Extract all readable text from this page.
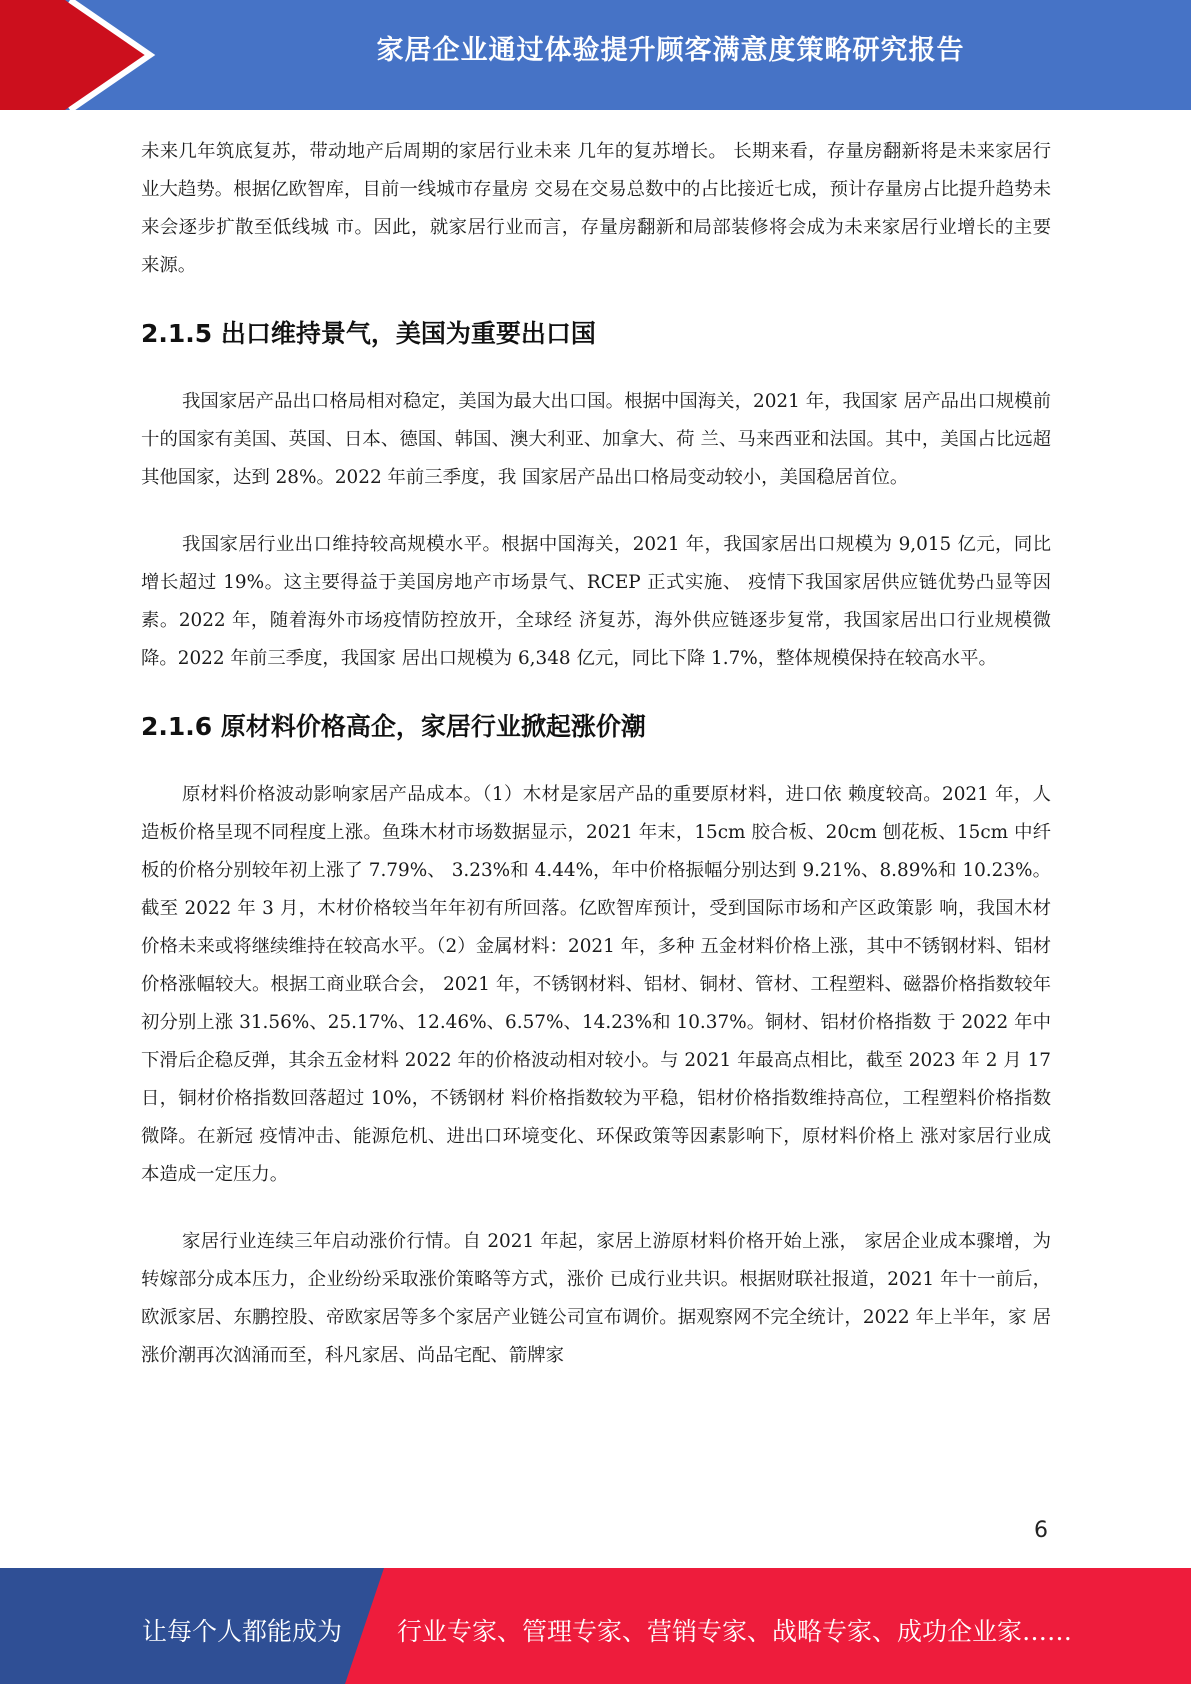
家居企业通过体验提升顾客满意度策略研究报告

未来几年筑底复苏，带动地产后周期的家居行业未来 几年的复苏增长。 长期来看，存量房翻新将是未来家居行业大趋势。根据亿欧智库，目前一线城市存量房 交易在交易总数中的占比接近七成，预计存量房占比提升趋势未来会逐步扩散至低线城 市。因此，就家居行业而言，存量房翻新和局部装修将会成为未来家居行业增长的主要 来源。

2.1.5 出口维持景气，美国为重要出口国

我国家居产品出口格局相对稳定，美国为最大出口国。根据中国海关，2021 年，我国家 居产品出口规模前十的国家有美国、英国、日本、德国、韩国、澳大利亚、加拿大、荷 兰、马来西亚和法国。其中，美国占比远超其他国家，达到 28%。2022 年前三季度，我 国家居产品出口格局变动较小，美国稳居首位。

我国家居行业出口维持较高规模水平。根据中国海关，2021 年，我国家居出口规模为 9,015 亿元，同比增长超过 19%。这主要得益于美国房地产市场景气、RCEP 正式实施、 疫情下我国家居供应链优势凸显等因素。2022 年，随着海外市场疫情防控放开，全球经 济复苏，海外供应链逐步复常，我国家居出口行业规模微降。2022 年前三季度，我国家 居出口规模为 6,348 亿元，同比下降 1.7%，整体规模保持在较高水平。

2.1.6 原材料价格高企，家居行业掀起涨价潮

原材料价格波动影响家居产品成本。（1）木材是家居产品的重要原材料，进口依 赖度较高。2021 年，人造板价格呈现不同程度上涨。鱼珠木材市场数据显示，2021 年末，15cm 胶合板、20cm 刨花板、15cm 中纤板的价格分别较年初上涨了 7.79%、 3.23%和 4.44%，年中价格振幅分别达到 9.21%、8.89%和 10.23%。截至 2022 年 3 月，木材价格较当年年初有所回落。亿欧智库预计，受到国际市场和产区政策影 响，我国木材价格未来或将继续维持在较高水平。（2）金属材料：2021 年，多种 五金材料价格上涨，其中不锈钢材料、铝材价格涨幅较大。根据工商业联合会， 2021 年，不锈钢材料、铝材、铜材、管材、工程塑料、磁器价格指数较年初分别上涨 31.56%、25.17%、12.46%、6.57%、14.23%和 10.37%。铜材、铝材价格指数 于 2022 年中下滑后企稳反弹，其余五金材料 2022 年的价格波动相对较小。与 2021 年最高点相比，截至 2023 年 2 月 17 日，铜材价格指数回落超过 10%，不锈钢材 料价格指数较为平稳，铝材价格指数维持高位，工程塑料价格指数微降。在新冠 疫情冲击、能源危机、进出口环境变化、环保政策等因素影响下，原材料价格上 涨对家居行业成本造成一定压力。

家居行业连续三年启动涨价行情。自 2021 年起，家居上游原材料价格开始上涨， 家居企业成本骤增，为转嫁部分成本压力，企业纷纷采取涨价策略等方式，涨价 已成行业共识。根据财联社报道，2021 年十一前后，欧派家居、东鹏控股、帝欧家居等多个家居产业链公司宣布调价。据观察网不完全统计，2022 年上半年，家 居涨价潮再次汹涌而至，科凡家居、尚品宅配、箭牌家

6
让每个人都能成为 行业专家、管理专家、营销专家、战略专家、成功企业家……
